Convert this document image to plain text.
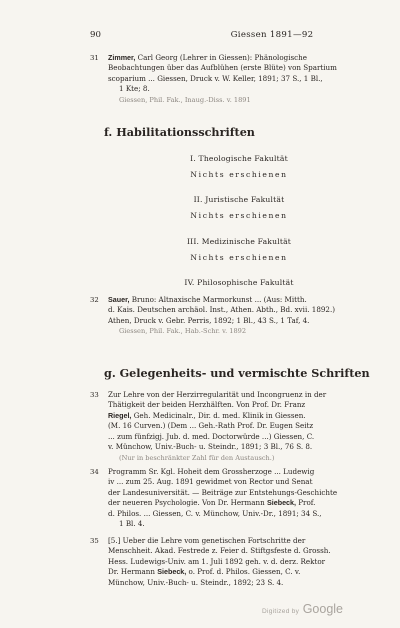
90	Giessen 1891—92
31 Zimmer, Carl Georg (Lehrer in Giessen): Phänologische
Beobachtungen über das Aufblühen (erste Blüte) von Spartium
scoparium ... Giessen, Druck v. W. Keller, 1891; 37 S., 1 Bl.,
1 Kte; 8.
Giessen, Phil. Fak., Inaug.-Diss. v. 1891
f. Habilitationsschriften
I. Theologische Fakultät
Nichts erschienen
II. Juristische Fakultät
Nichts erschienen
III. Medizinische Fakultät
Nichts erschienen
IV. Philosophische Fakultät
32 Sauer, Bruno: Altnaxische Marmorkunst ... (Aus: Mitth.
d. Kais. Deutschen archäol. Inst., Athen. Abth., Bd. xvii. 1892.)
Athen, Druck v. Gebr. Perris, 1892; 1 Bl., 43 S., 1 Taf, 4.
Giessen, Phil. Fak., Hab.-Schr. v. 1892
g. Gelegenheits- und vermischte Schriften
33 Zur Lehre von der Herzirregularität und Incongruenz in der
Thätigkeit der beiden Herzhälften. Von Prof. Dr. Franz
Riegel, Geh. Medicinalr., Dir. d. med. Klinik in Giessen.
(M. 16 Curven.) (Dem ... Geh.-Rath Prof. Dr. Eugen Seitz
... zum fünfzigj. Jub. d. med. Doctorwürde ...) Giessen, C.
v. Münchow, Univ.-Buch- u. Steindr., 1891; 3 Bl., 76 S. 8.
(Nur in beschränkter Zahl für den Austausch.)
34 Programm Sr. Kgl. Hoheit dem Grossherzoge ... Ludewig
iv ... zum 25. Aug. 1891 gewidmet von Rector und Senat
der Landesuniversität. — Beiträge zur Entstehungs-Geschichte
der neueren Psychologie. Von Dr. Hermann Siebeck, Prof.
d. Philos. ... Giessen, C. v. Münchow, Univ.-Dr., 1891; 34 S.,
1 Bl. 4.
35 [5.] Ueber die Lehre vom genetischen Fortschritte der
Menschheit. Akad. Festrede z. Feier d. Stiftgsfeste d. Grossh.
Hess. Ludewigs-Univ. am 1. Juli 1892 geh. v. d. derz. Rektor
Dr. Hermann Siebeck, o. Prof. d. Philos. Giessen, C. v.
Münchow, Univ.-Buch- u. Steindr., 1892; 23 S. 4.
Digitized by Google
